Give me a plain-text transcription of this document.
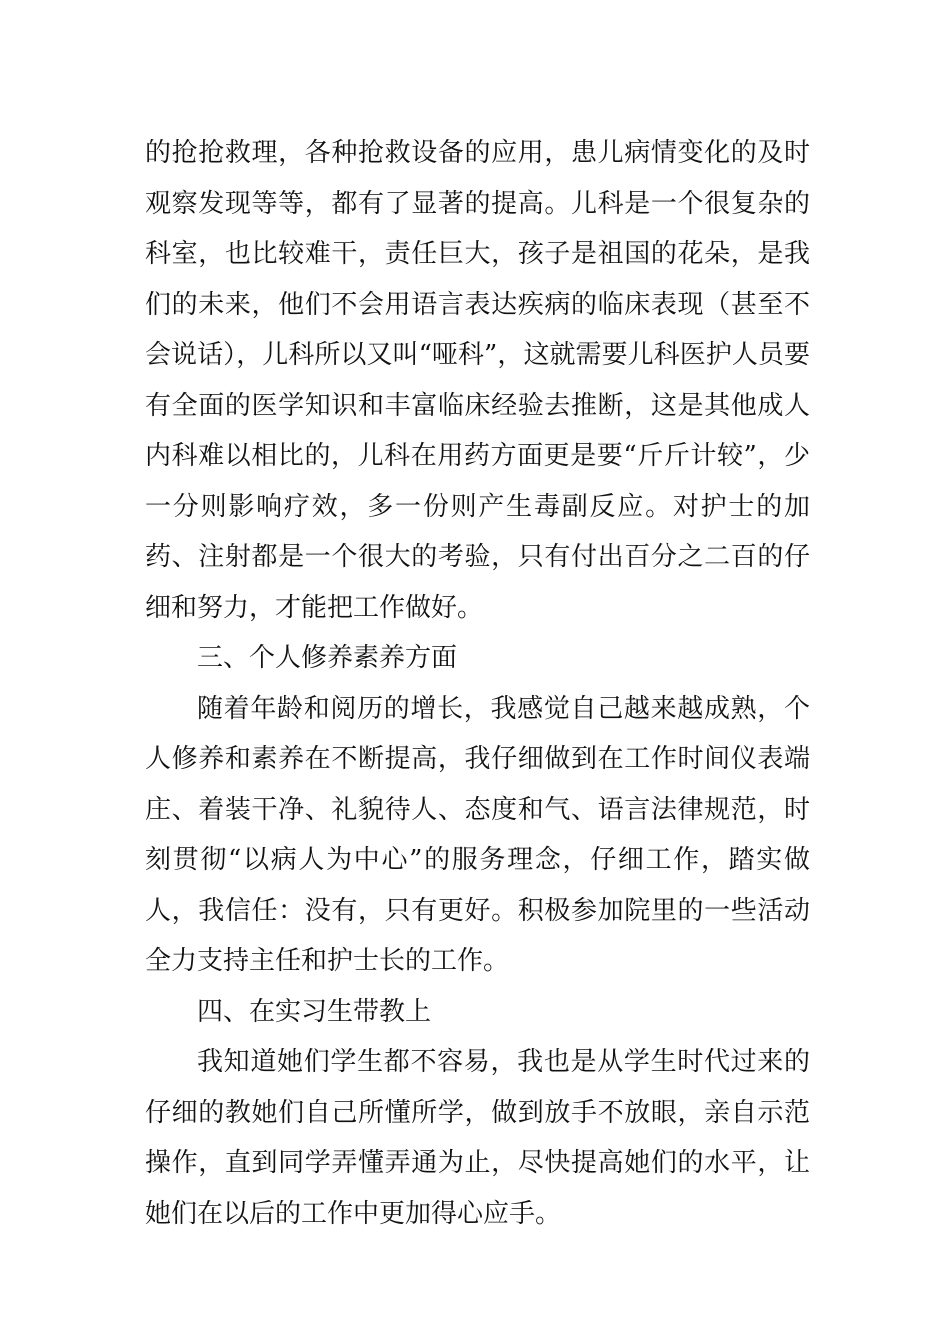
的抢抢救理，各种抢救设备的应用，患儿病情变化的及时观察发现等等，都有了显著的提高。儿科是一个很复杂的科室，也比较难干，责任巨大，孩子是祖国的花朵，是我们的未来，他们不会用语言表达疾病的临床表现（甚至不会说话），儿科所以又叫“哑科”，这就需要儿科医护人员要有全面的医学知识和丰富临床经验去推断，这是其他成人内科难以相比的，儿科在用药方面更是要“斤斤计较”，少一分则影响疗效，多一份则产生毒副反应。对护士的加药、注射都是一个很大的考验，只有付出百分之二百的仔细和努力，才能把工作做好。

三、个人修养素养方面

随着年龄和阅历的增长，我感觉自己越来越成熟，个人修养和素养在不断提高，我仔细做到在工作时间仪表端庄、着装干净、礼貌待人、态度和气、语言法律规范，时刻贯彻“以病人为中心”的服务理念，仔细工作，踏实做人，我信任：没有，只有更好。积极参加院里的一些活动全力支持主任和护士长的工作。

四、在实习生带教上

我知道她们学生都不容易，我也是从学生时代过来的仔细的教她们自己所懂所学，做到放手不放眼，亲自示范操作，直到同学弄懂弄通为止，尽快提高她们的水平，让她们在以后的工作中更加得心应手。
